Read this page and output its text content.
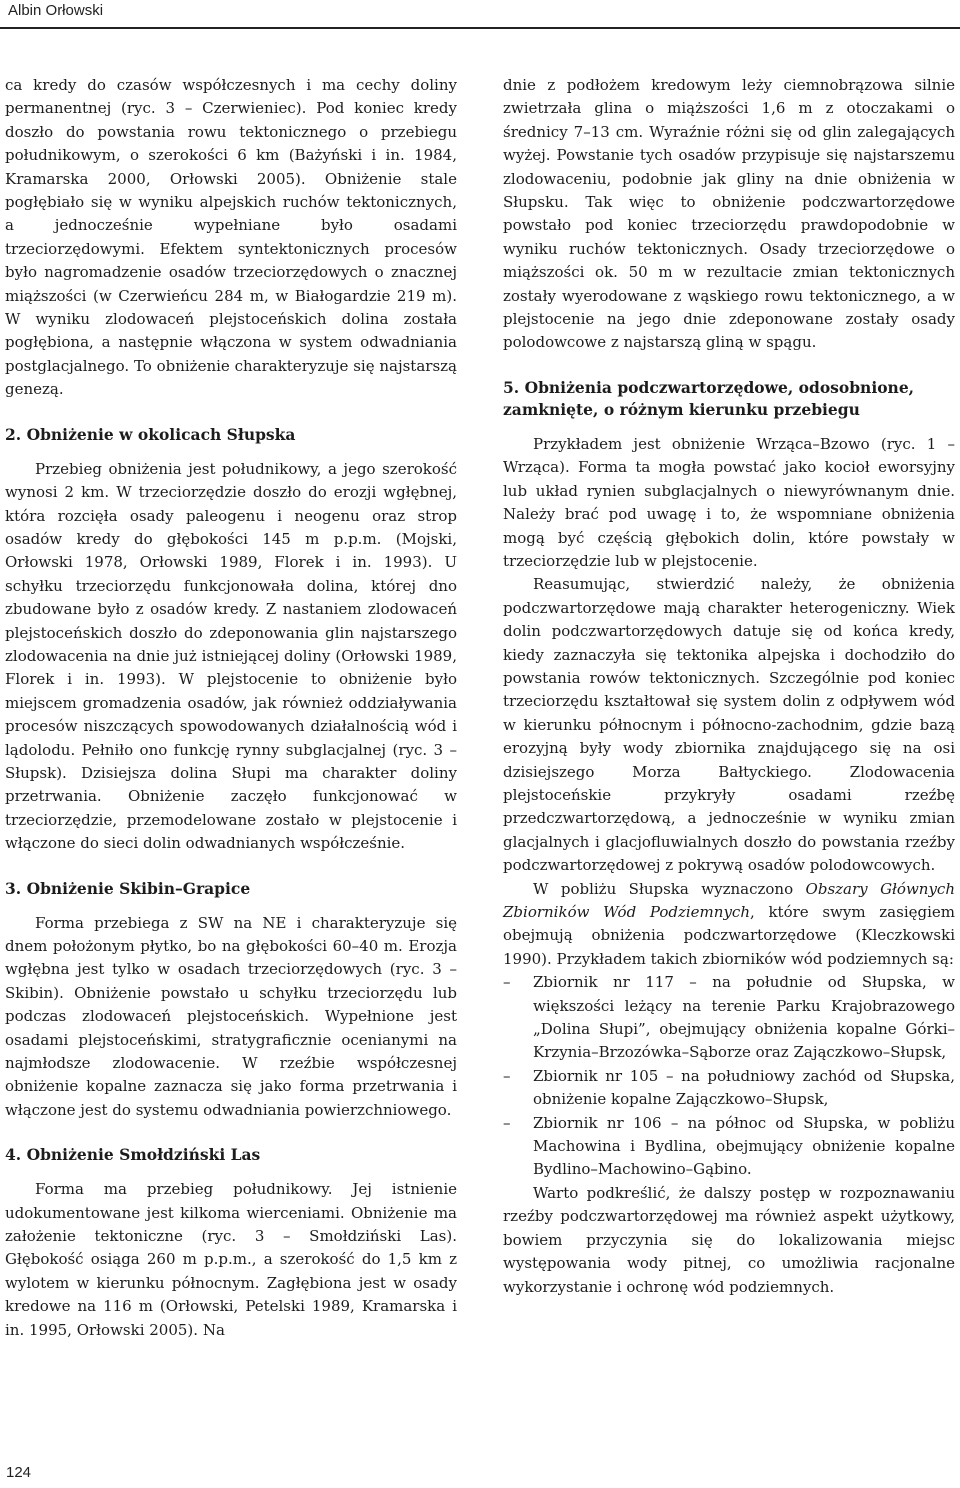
Albin Orłowski

ca kredy do czasów współczesnych i ma cechy doliny permanentnej (ryc. 3 – Czerwieniec). Pod koniec kredy doszło do powstania rowu tektonicznego o przebiegu południkowym, o szerokości 6 km (Bażyński i in. 1984, Kramarska 2000, Orłowski 2005). Obniżenie stale pogłębiało się w wyniku alpejskich ruchów tektonicznych, a jednocześnie wypełniane było osadami trzeciorzędowymi. Efektem syntektonicznych procesów było nagromadzenie osadów trzeciorzędowych o znacznej miąższości (w Czerwieńcu 284 m, w Białogardzie 219 m). W wyniku zlodowaceń plejstoceńskich dolina została pogłębiona, a następnie włączona w system odwadniania postglacjalnego. To obniżenie charakteryzuje się najstarszą genezą.

2. Obniżenie w okolicach Słupska

Przebieg obniżenia jest południkowy, a jego szerokość wynosi 2 km. W trzeciorzędzie doszło do erozji wgłębnej, która rozcięła osady paleogenu i neogenu oraz strop osadów kredy do głębokości 145 m p.p.m. (Mojski, Orłowski 1978, Orłowski 1989, Florek i in. 1993). U schyłku trzeciorzędu funkcjonowała dolina, której dno zbudowane było z osadów kredy. Z nastaniem zlodowaceń plejstoceńskich doszło do zdeponowania glin najstarszego zlodowacenia na dnie już istniejącej doliny (Orłowski 1989, Florek i in. 1993). W plejstocenie to obniżenie było miejscem gromadzenia osadów, jak również oddziaływania procesów niszczących spowodowanych działalnością wód i lądolodu. Pełniło ono funkcję rynny subglacjalnej (ryc. 3 – Słupsk). Dzisiejsza dolina Słupi ma charakter doliny przetrwania. Obniżenie zaczęło funkcjonować w trzeciorzędzie, przemodelowane zostało w plejstocenie i włączone do sieci dolin odwadnianych współcześnie.

3. Obniżenie Skibin–Grapice

Forma przebiega z SW na NE i charakteryzuje się dnem położonym płytko, bo na głębokości 60–40 m. Erozja wgłębna jest tylko w osadach trzeciorzędowych (ryc. 3 – Skibin). Obniżenie powstało u schyłku trzeciorzędu lub podczas zlodowaceń plejstoceńskich. Wypełnione jest osadami plejstoceńskimi, stratygraficznie ocenianymi na najmłodsze zlodowacenie. W rzeźbie współczesnej obniżenie kopalne zaznacza się jako forma przetrwania i włączone jest do systemu odwadniania powierzchniowego.

4. Obniżenie Smołdziński Las

Forma ma przebieg południkowy. Jej istnienie udokumentowane jest kilkoma wierceniami. Obniżenie ma założenie tektoniczne (ryc. 3 – Smołdziński Las). Głębokość osiąga 260 m p.p.m., a szerokość do 1,5 km z wylotem w kierunku północnym. Zagłębiona jest w osady kredowe na 116 m (Orłowski, Petelski 1989, Kramarska i in. 1995, Orłowski 2005). Na

dnie z podłożem kredowym leży ciemnobrązowa silnie zwietrzała glina o miąższości 1,6 m z otoczakami o średnicy 7–13 cm. Wyraźnie różni się od glin zalegających wyżej. Powstanie tych osadów przypisuje się najstarszemu zlodowaceniu, podobnie jak gliny na dnie obniżenia w Słupsku. Tak więc to obniżenie podczwartorzędowe powstało pod koniec trzeciorzędu prawdopodobnie w wyniku ruchów tektonicznych. Osady trzeciorzędowe o miąższości ok. 50 m w rezultacie zmian tektonicznych zostały wyerodowane z wąskiego rowu tektonicznego, a w plejstocenie na jego dnie zdeponowane zostały osady polodowcowe z najstarszą gliną w spągu.

5. Obniżenia podczwartorzędowe, odosobnione, zamknięte, o różnym kierunku przebiegu

Przykładem jest obniżenie Wrząca–Bzowo (ryc. 1 – Wrząca). Forma ta mogła powstać jako kocioł eworsyjny lub układ rynien subglacjalnych o niewyrównanym dnie. Należy brać pod uwagę i to, że wspomniane obniżenia mogą być częścią głębokich dolin, które powstały w trzeciorzędzie lub w plejstocenie.

Reasumując, stwierdzić należy, że obniżenia podczwartorzędowe mają charakter heterogeniczny. Wiek dolin podczwartorzędowych datuje się od końca kredy, kiedy zaznaczyła się tektonika alpejska i dochodziło do powstania rowów tektonicznych. Szczególnie pod koniec trzeciorzędu kształtował się system dolin z odpływem wód w kierunku północnym i północno-zachodnim, gdzie bazą erozyjną były wody zbiornika znajdującego się na osi dzisiejszego Morza Bałtyckiego. Zlodowacenia plejstoceńskie przykryły osadami rzeźbę przedczwartorzędową, a jednocześnie w wyniku zmian glacjalnych i glacjofluwialnych doszło do powstania rzeźby podczwartorzędowej z pokrywą osadów polodowcowych.

W pobliżu Słupska wyznaczono Obszary Głównych Zbiorników Wód Podziemnych, które swym zasięgiem obejmują obniżenia podczwartorzędowe (Kleczkowski 1990). Przykładem takich zbiorników wód podziemnych są:

– Zbiornik nr 117 – na południe od Słupska, w większości leżący na terenie Parku Krajobrazowego „Dolina Słupi”, obejmujący obniżenia kopalne Górki–Krzynia–Brzozówka–Sąborze oraz Zajączkowo–Słupsk,
– Zbiornik nr 105 – na południowy zachód od Słupska, obniżenie kopalne Zajączkowo–Słupsk,
– Zbiornik nr 106 – na północ od Słupska, w pobliżu Machowina i Bydlina, obejmujący obniżenie kopalne Bydlino–Machowino–Gąbino.

Warto podkreślić, że dalszy postęp w rozpoznawaniu rzeźby podczwartorzędowej ma również aspekt użytkowy, bowiem przyczynia się do lokalizowania miejsc występowania wody pitnej, co umożliwia racjonalne wykorzystanie i ochronę wód podziemnych.

124
